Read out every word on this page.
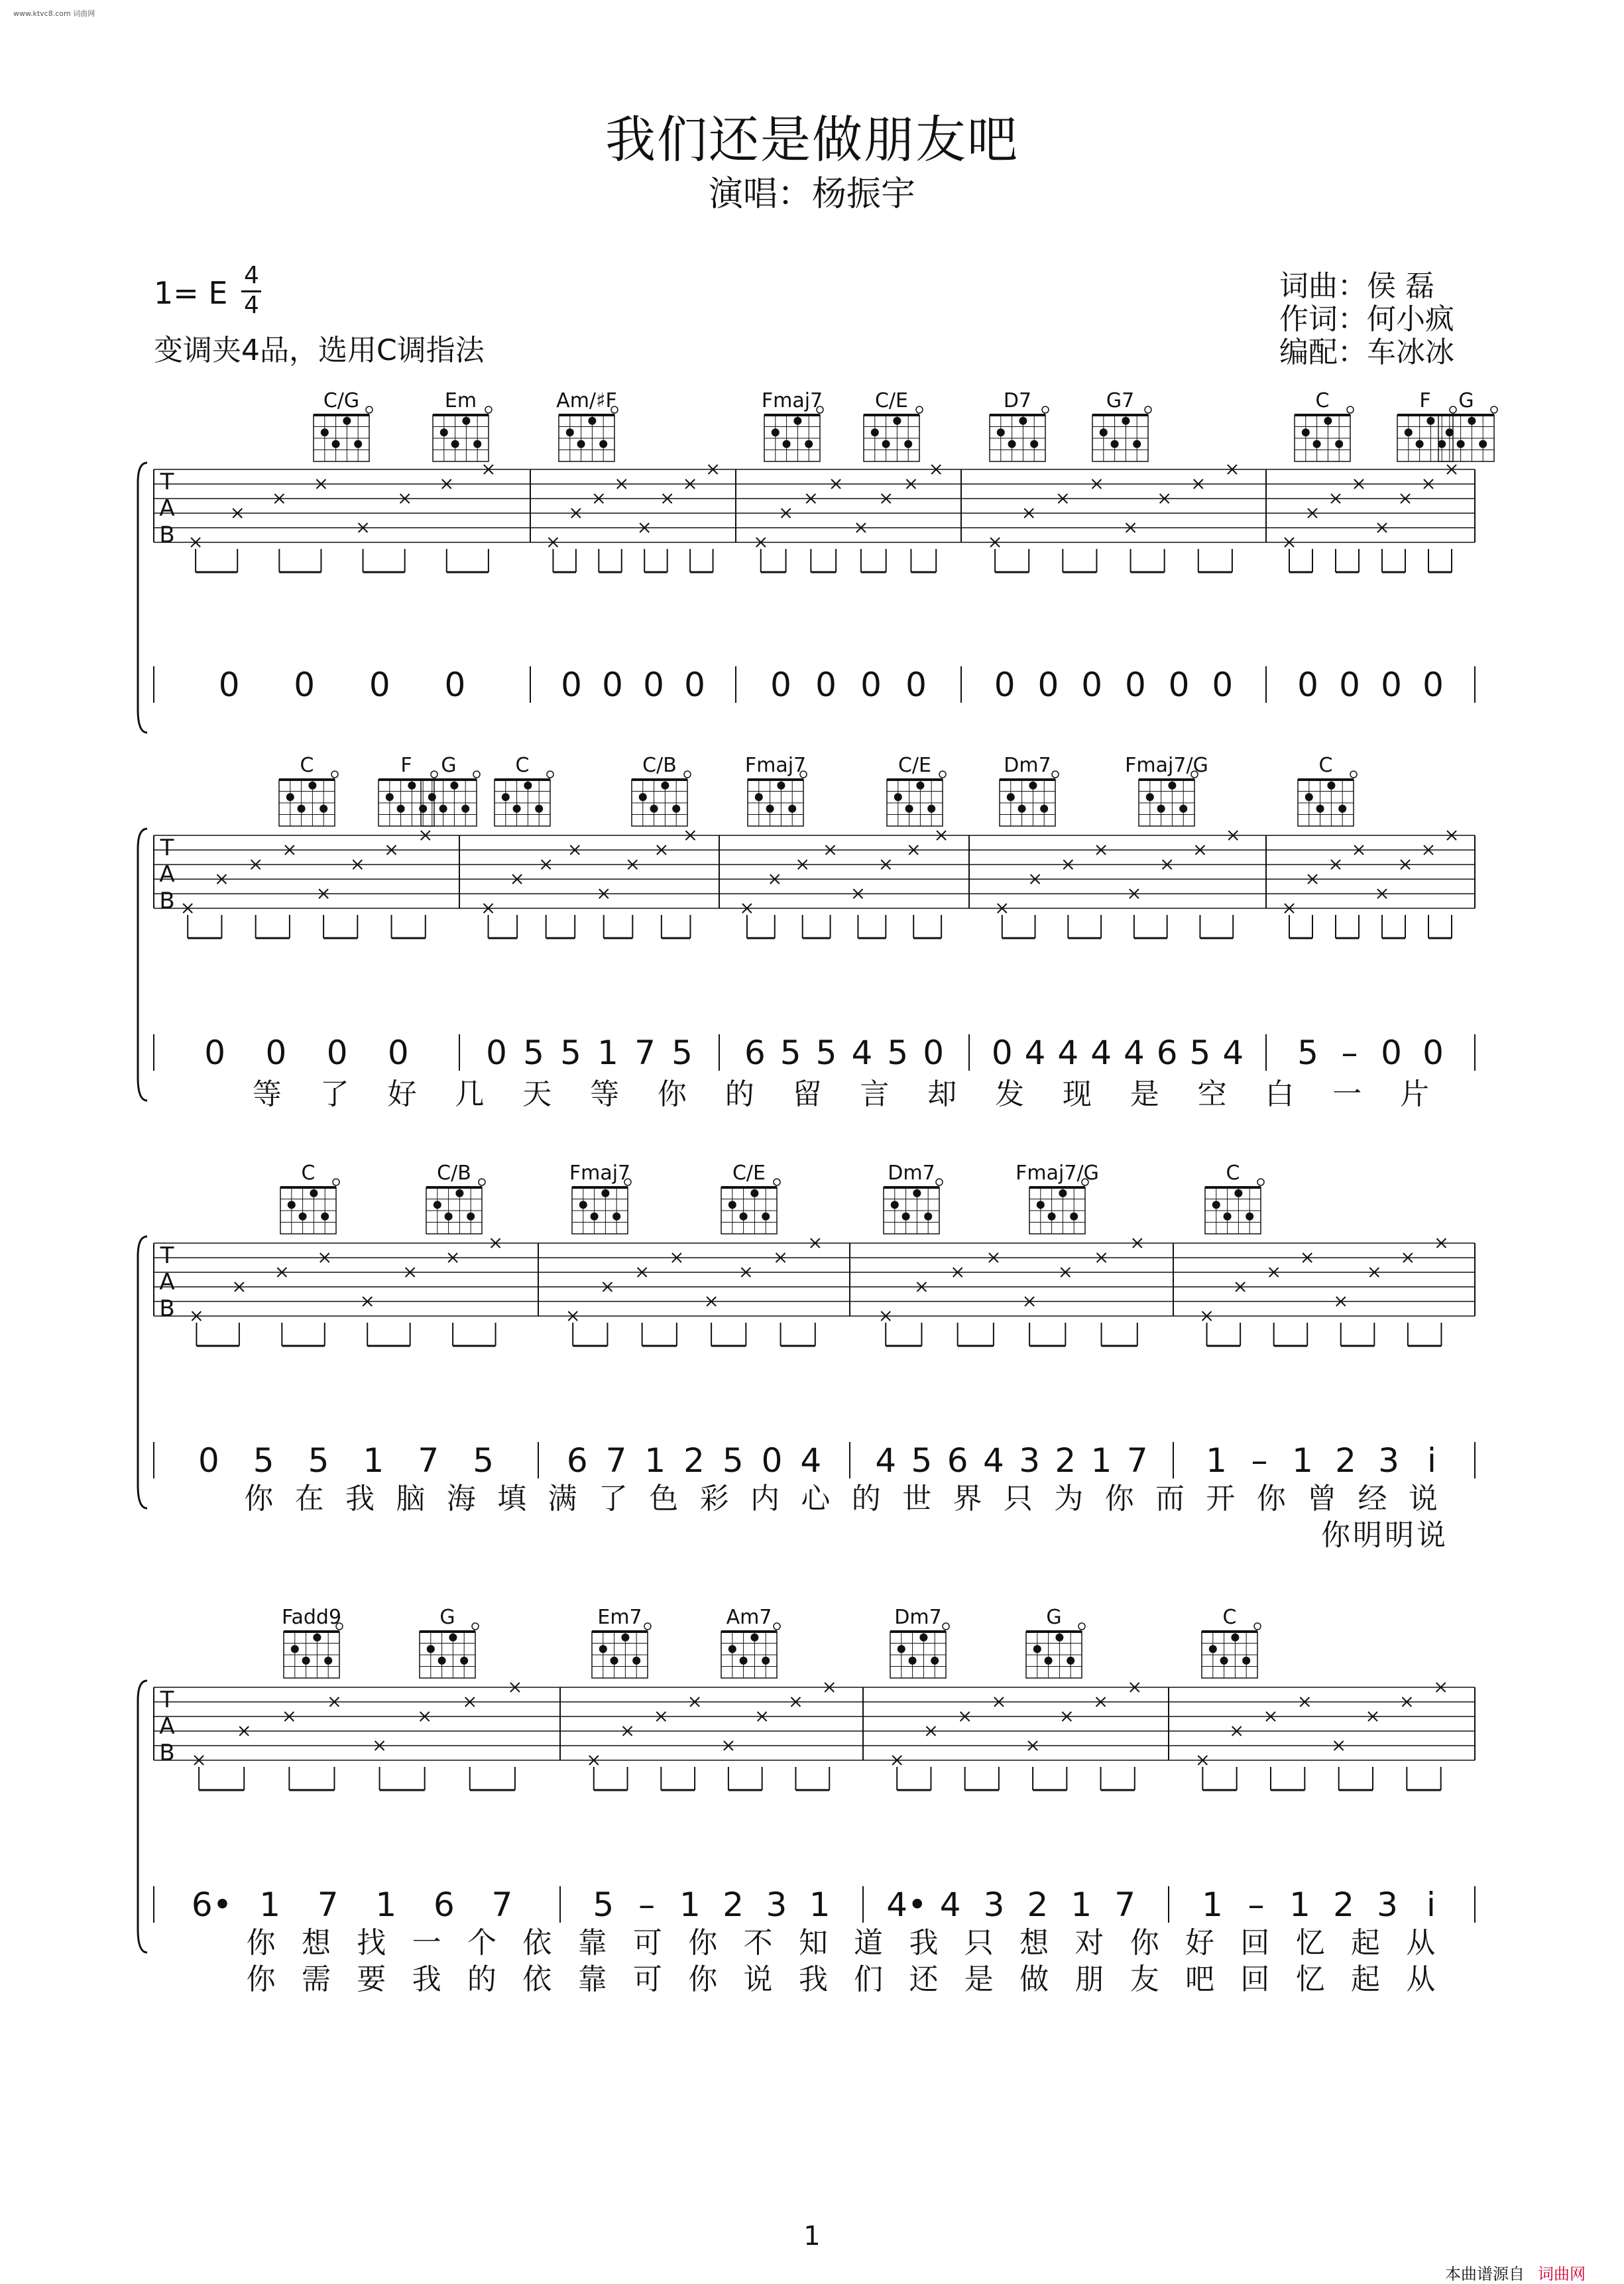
www.ktvc8.com 词曲网
我们还是做朋友吧
演唱：杨振宇
1= E 4
4
变调夹4品，选用C调指法
词曲：侯 磊
作词：何小疯
编配：车冰冰
C/G	Em	Am/♯F	Fmaj7	C/E	D7	G7	C	F G
T
A
B
0 0 0 0	0 0 0 0 0 0 0 0 0 0 0 0 0 0 0 0 0 0
C	F G	C	C/B	Fmaj7	C/E	Dm7	Fmaj7/G	C
T
A
B
0 0 0 0 0 5 5 1 7 5 6 5 5 4 5 0 0 4 4 4 4 6 5 4 5 – 0 0
等 了 好 几 天 等 你 的 留 言 却 发 现 是 空 白 一 片
C	C/B	Fmaj7	C/E	Dm7	Fmaj7/G	C
T
A
B
0 5 5 1 7 5 6 7 1 2 5 0 4 4 5 6 4 3 2 1 7 1 – 1 2 3 i
你 在 我 脑 海 填 满 了 色 彩 内 心 的 世 界 只 为 你 而 开 你 曾 经 说
你 明 明 说
Fadd9	G	Em7	Am7	Dm7	G	C
T
A
B
6• 1 7 1 6 7 5 – 1 2 3 1 4• 4 3 2 1 7 1 – 1 2 3 i
你 想 找 一 个 依 靠 可 你 不 知 道 我 只 想 对 你 好 回 忆 起 从
你 需 要 我 的 依 靠 可 你 说 我 们 还 是 做 朋 友 吧 回 忆 起 从
1
本曲谱源自 词曲网
